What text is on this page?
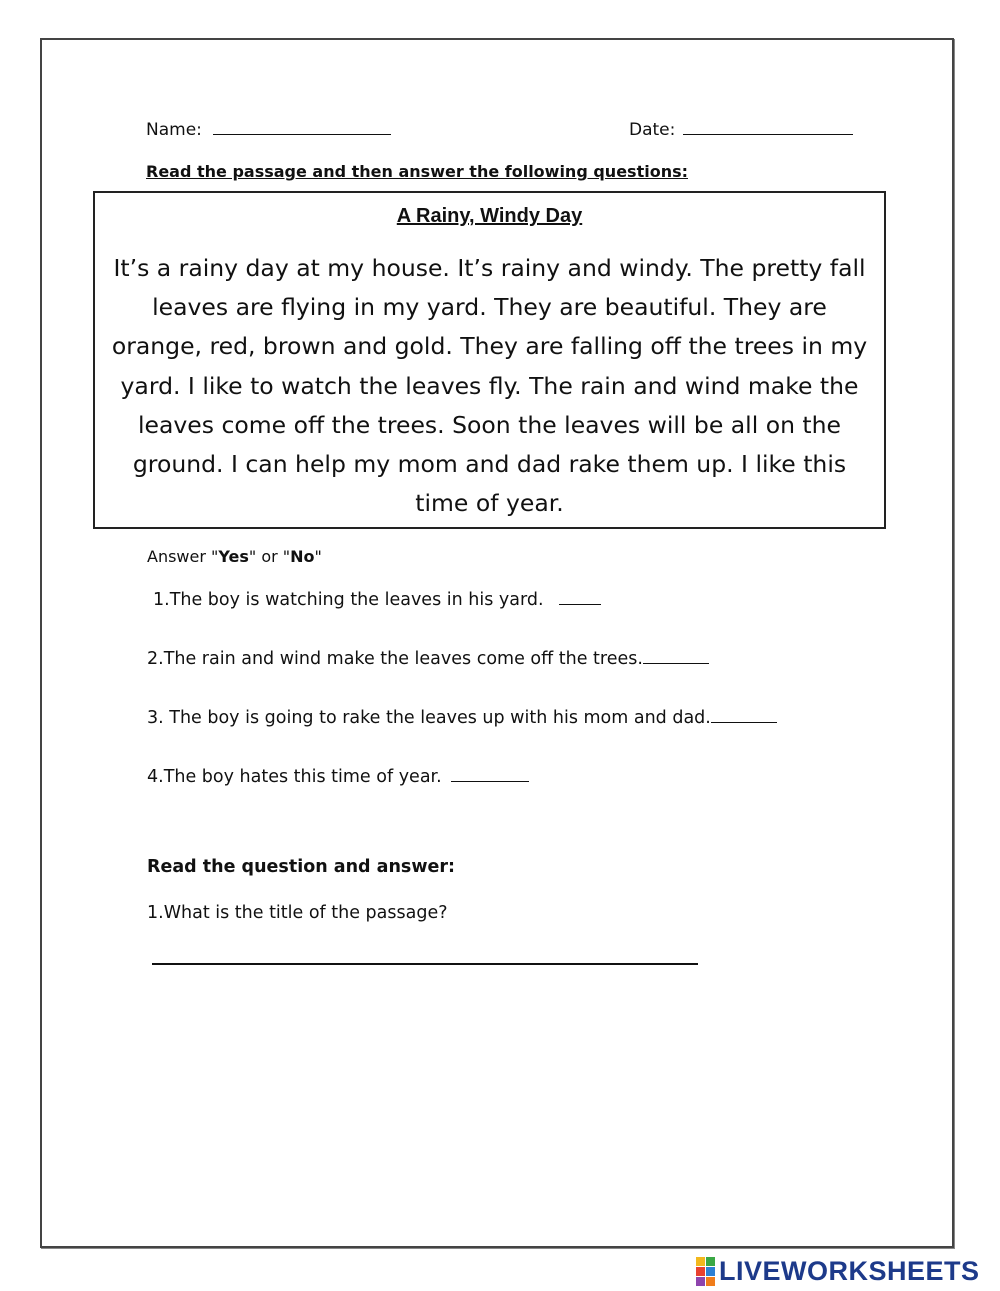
Name:	Date:
Read the passage and then answer the following questions:
A Rainy, Windy Day
It’s a rainy day at my house. It’s rainy and windy. The pretty fall leaves are flying in my yard. They are beautiful. They are orange, red, brown and gold. They are falling off the trees in my yard. I like to watch the leaves fly. The rain and wind make the leaves come off the trees. Soon the leaves will be all on the ground. I can help my mom and dad rake them up. I like this time of year.
Answer "Yes" or "No"
1.The boy is watching the leaves in his yard.
2.The rain and wind make the leaves come off the trees.
3. The boy is going to rake the leaves up with his mom and dad.
4.The boy hates this time of year.
Read the question and answer:
1.What is the title of the passage?
LIVEWORKSHEETS
